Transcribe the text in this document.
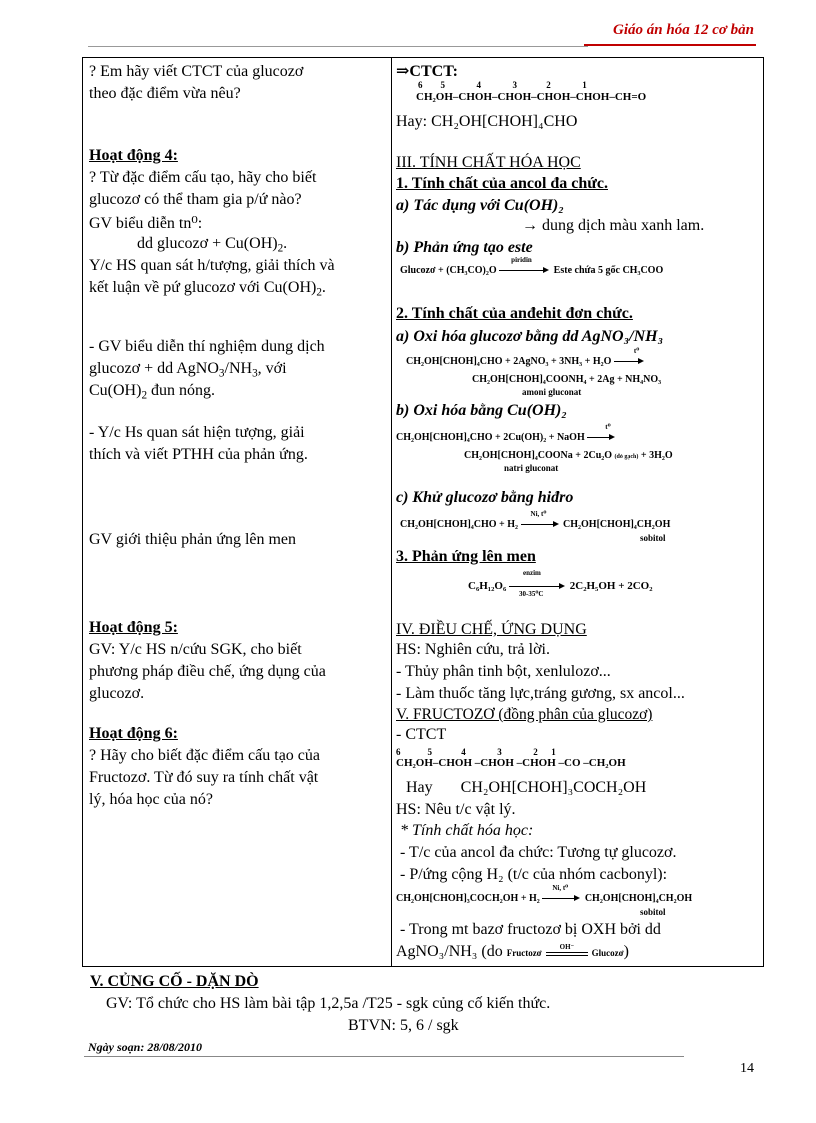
Giáo án hóa 12 cơ bản
? Em hãy viết CTCT của glucozơ
theo đặc điểm vừa nêu?
Hoạt động 4:
? Từ đặc điểm cấu tạo, hãy cho biết
glucozơ có thể tham gia p/ứ nào?
GV biểu diễn tn⁰:
dd glucozơ + $Cu(OH)_2$.
Y/c HS quan sát h/tượng, giải thích và
kết luận về pứ glucozơ với $Cu(OH)_2$.
- GV biểu diễn thí nghiệm dung dịch
glucozơ + dd $AgNO_3/NH_3$, với
$Cu(OH)_2$ đun nóng.
- Y/c Hs quan sát hiện tượng, giải
thích và viết PTHH của phản ứng.
GV giới thiệu phản ứng lên men
Hoạt động 5:
GV: Y/c HS n/cứu SGK, cho biết
phương pháp điều chế, ứng dụng của
glucozơ.
Hoạt động 6:
? Hãy cho biết đặc điểm cấu tạo của
Fructozơ. Từ đó suy ra tính chất vật
lý, hóa học của nó?

⇒CTCT:
6        5              4              3             2              1
CH₂OH–CHOH–CHOH–CHOH–CHOH–CH=O
Hay: CH₂OH[CHOH]₄CHO
III. TÍNH CHẤT HÓA HỌC
1. Tính chất của ancol đa chức.
a) Tác dụng với Cu(OH)₂
→ dung dịch màu xanh lam.
b) Phản ứng tạo este
Glucozơ + (CH₃CO)₂O
piridin
Este chứa 5 gốc CH₃COO
2. Tính chất của anđehit đơn chức.
a) Oxi hóa glucozơ bằng dd AgNO₃/NH₃
CH₂OH[CHOH]₄CHO + 2AgNO₃ + 3NH₃ + H₂O
t⁰
CH₂OH[CHOH]₄COONH₄ + 2Ag + NH₄NO₃
amoni gluconat
b) Oxi hóa bằng Cu(OH)₂
CH₂OH[CHOH]₄CHO + 2Cu(OH)₂ + NaOH
t⁰
CH₂OH[CHOH]₄COONa + 2Cu₂O (đỏ gạch) + 3H₂O
natri gluconat
c) Khử glucozơ bằng hiđro
CH₂OH[CHOH]₄CHO + H₂
Ni, t⁰
CH₂OH[CHOH]₄CH₂OH
sobitol
3. Phản ứng lên men
C₆H₁₂O₆
enzim
30-35⁰C
2C₂H₅OH + 2CO₂
IV. ĐIỀU CHẾ, ỨNG DỤNG
HS: Nghiên cứu, trả lời.
- Thủy phân tinh bột, xenlulozơ...
- Làm thuốc tăng lực,tráng gương, sx ancol...
V. FRUCTOZƠ (đồng phân của glucozơ)
- CTCT
6            5             4              3              2      1
CH₂OH–CHOH –CHOH –CHOH –CO –CH₂OH
Hay       CH₂OH[CHOH]₃COCH₂OH
HS: Nêu t/c vật lý.
* Tính chất hóa học:
- T/c của ancol đa chức: Tương tự glucozơ.
- P/ứng cộng H₂ (t/c của nhóm cacbonyl):
CH₂OH[CHOH]₃COCH₂OH + H₂
Ni, t⁰
CH₂OH[CHOH]₄CH₂OH
sobitol
- Trong mt bazơ fructozơ bị OXH bởi dd
AgNO₃/NH₃ (do Fructozơ
OH⁻
Glucozơ)
V. CỦNG CỐ - DẶN DÒ
GV: Tổ chức cho HS làm bài tập 1,2,5a /T25 - sgk củng cố kiến thức.
BTVN: 5, 6 / sgk
Ngày soạn: 28/08/2010
14
